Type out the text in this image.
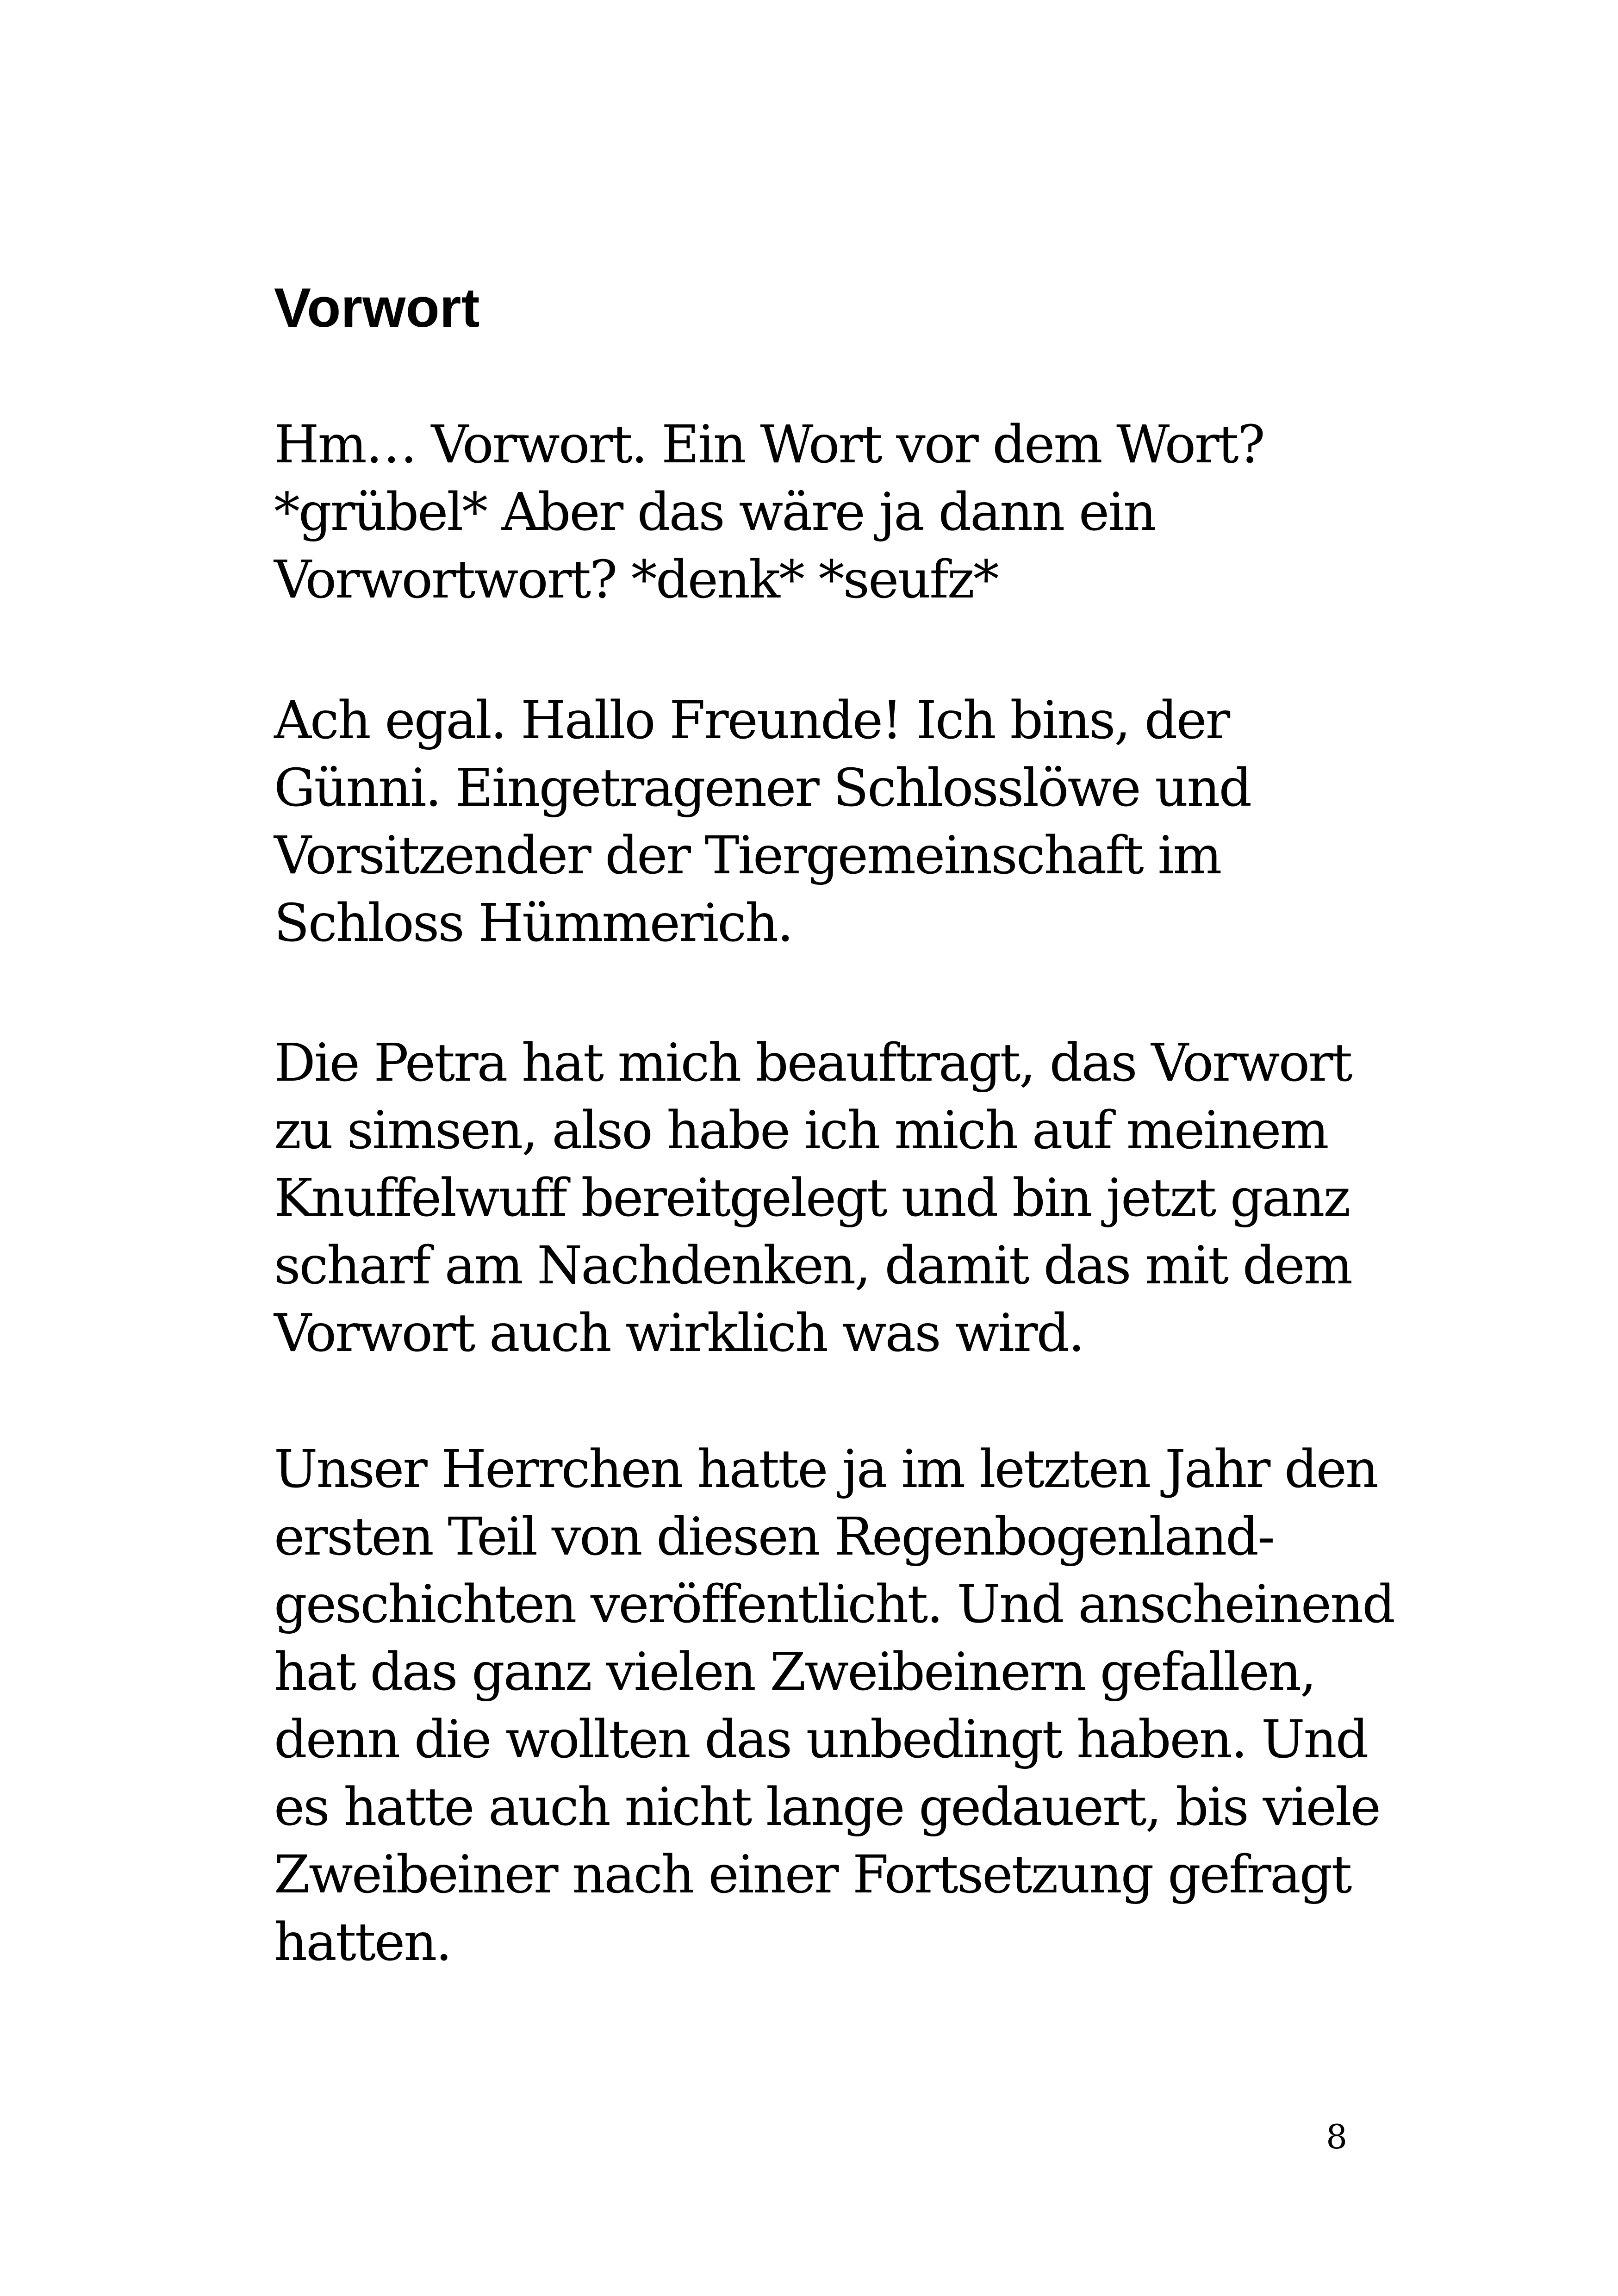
Vorwort
Hm… Vorwort. Ein Wort vor dem Wort?
*grübel* Aber das wäre ja dann ein
Vorwortwort? *denk* *seufz*
Ach egal. Hallo Freunde! Ich bins, der
Günni. Eingetragener Schlosslöwe und
Vorsitzender der Tiergemeinschaft im
Schloss Hümmerich.
Die Petra hat mich beauftragt, das Vorwort
zu simsen, also habe ich mich auf meinem
Knuffelwuff bereitgelegt und bin jetzt ganz
scharf am Nachdenken, damit das mit dem
Vorwort auch wirklich was wird.
Unser Herrchen hatte ja im letzten Jahr den
ersten Teil von diesen Regenbogenland-
geschichten veröffentlicht. Und anscheinend
hat das ganz vielen Zweibeinern gefallen,
denn die wollten das unbedingt haben. Und
es hatte auch nicht lange gedauert, bis viele
Zweibeiner nach einer Fortsetzung gefragt
hatten.
8
